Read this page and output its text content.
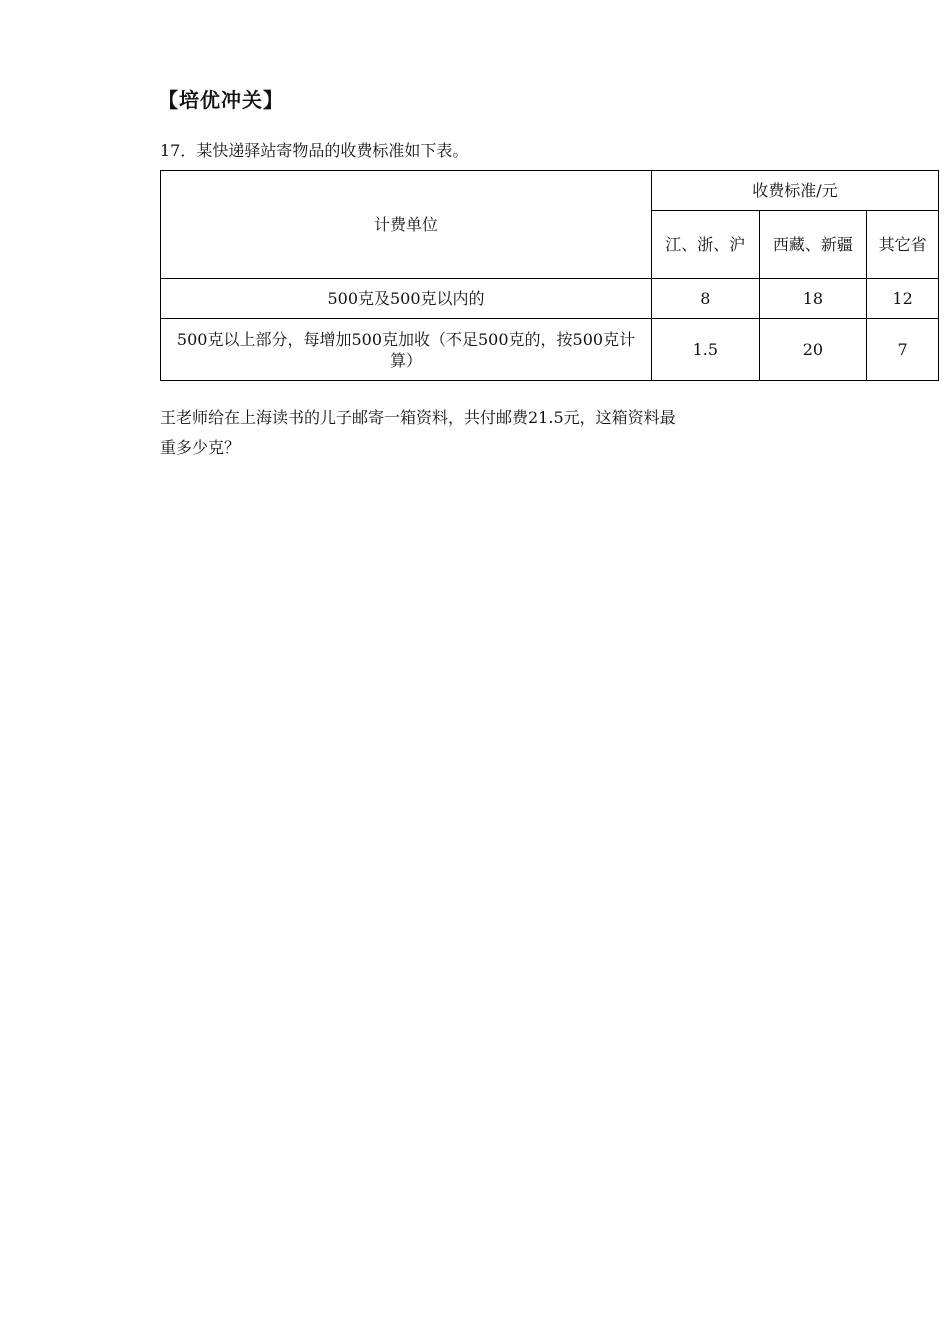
【培优冲关】
17．某快递驿站寄物品的收费标准如下表。
计费单位	收费标准/元		
	江、浙、沪	西藏、新疆	其它省
500克及500克以内的	8	18	12
500克以上部分，每增加500克加收（不足500克的，按500克计算）	1.5	20	7

王老师给在上海读书的儿子邮寄一箱资料，共付邮费21.5元，这箱资料最

重多少克？
